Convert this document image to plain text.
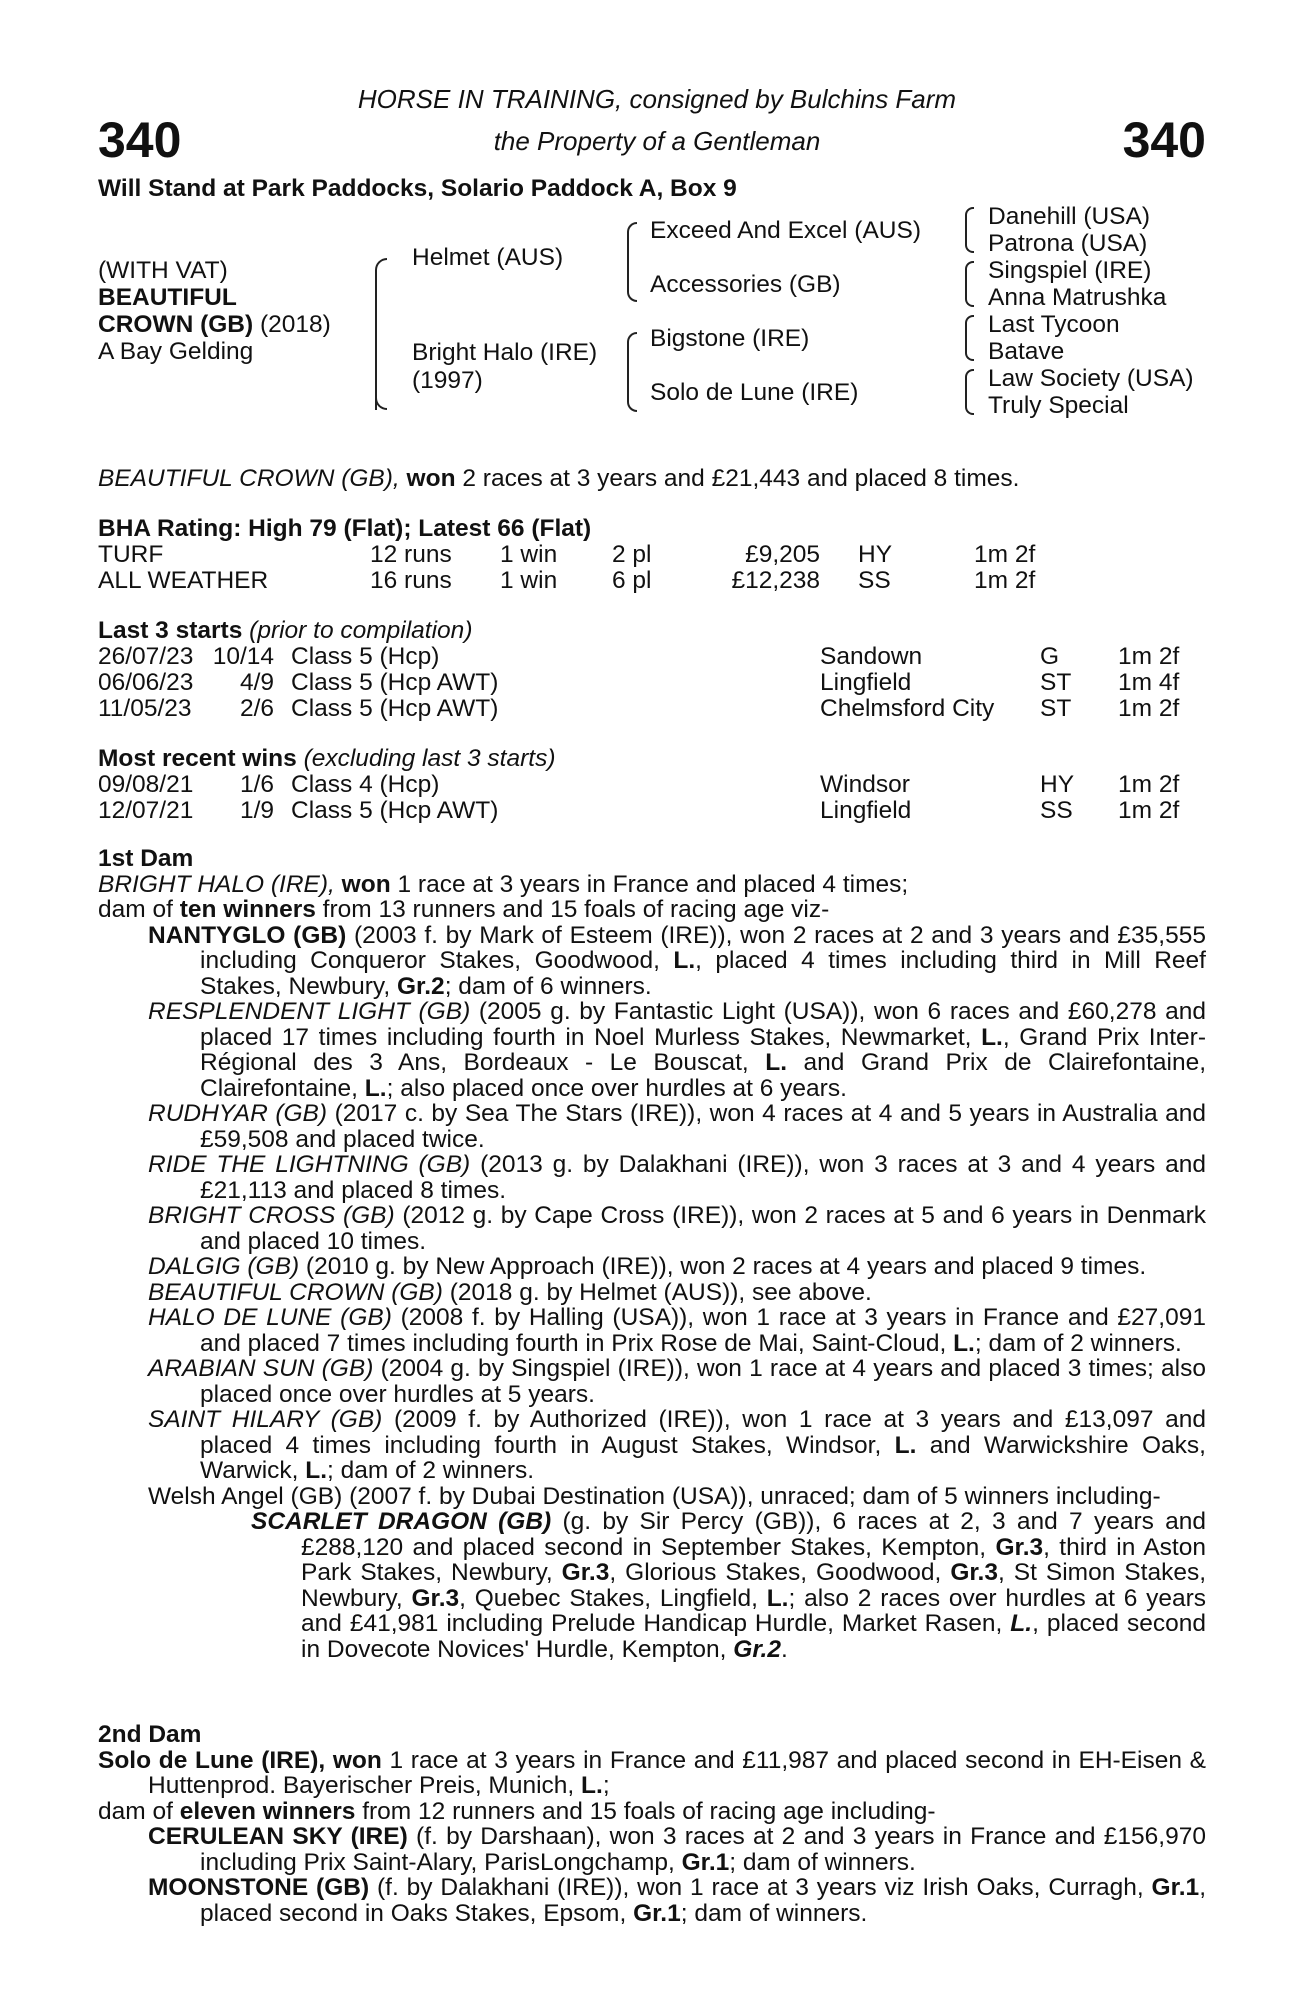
340	340
HORSE IN TRAINING, consigned by Bulchins Farm
the Property of a Gentleman
Will Stand at Park Paddocks, Solario Paddock A, Box 9
(WITH VAT)
BEAUTIFUL
CROWN (GB) (2018)
A Bay Gelding
Helmet (AUS)
Bright Halo (IRE)
(1997)
Exceed And Excel (AUS)
Accessories (GB)
Bigstone (IRE)
Solo de Lune (IRE)
Danehill (USA)
Patrona (USA)
Singspiel (IRE)
Anna Matrushka
Last Tycoon
Batave
Law Society (USA)
Truly Special
BEAUTIFUL CROWN (GB), won 2 races at 3 years and £21,443 and placed 8 times.
BHA Rating: High 79 (Flat); Latest 66 (Flat)
TURF	12 runs 1 win 2 pl	£9,205 HY	1m 2f
ALL WEATHER	16 runs 1 win 6 pl	£12,238 SS	1m 2f
Last 3 starts (prior to compilation)
26/07/23 10/14 Class 5 (Hcp)	Sandown	G 1m 2f
06/06/23	4/9 Class 5 (Hcp AWT)	Lingfield	ST 1m 4f
11/05/23	2/6 Class 5 (Hcp AWT)	Chelmsford City ST 1m 2f
Most recent wins (excluding last 3 starts)
09/08/21	1/6 Class 4 (Hcp)	Windsor	HY 1m 2f
12/07/21	1/9 Class 5 (Hcp AWT)	Lingfield	SS 1m 2f

1st Dam

BRIGHT HALO (IRE), won 1 race at 3 years in France and placed 4 times;

dam of ten winners from 13 runners and 15 foals of racing age viz-

NANTYGLO (GB) (2003 f. by Mark of Esteem (IRE)), won 2 races at 2 and 3 years and £35,555 including Conqueror Stakes, Goodwood, L., placed 4 times including third in Mill Reef Stakes, Newbury, Gr.2; dam of 6 winners.

RESPLENDENT LIGHT (GB) (2005 g. by Fantastic Light (USA)), won 6 races and £60,278 and placed 17 times including fourth in Noel Murless Stakes, Newmarket, L., Grand Prix Inter-Régional des 3 Ans, Bordeaux - Le Bouscat, L. and Grand Prix de Clairefontaine, Clairefontaine, L.; also placed once over hurdles at 6 years.

RUDHYAR (GB) (2017 c. by Sea The Stars (IRE)), won 4 races at 4 and 5 years in Australia and £59,508 and placed twice.

RIDE THE LIGHTNING (GB) (2013 g. by Dalakhani (IRE)), won 3 races at 3 and 4 years and £21,113 and placed 8 times.

BRIGHT CROSS (GB) (2012 g. by Cape Cross (IRE)), won 2 races at 5 and 6 years in Denmark and placed 10 times.

DALGIG (GB) (2010 g. by New Approach (IRE)), won 2 races at 4 years and placed 9 times.

BEAUTIFUL CROWN (GB) (2018 g. by Helmet (AUS)), see above.

HALO DE LUNE (GB) (2008 f. by Halling (USA)), won 1 race at 3 years in France and £27,091 and placed 7 times including fourth in Prix Rose de Mai, Saint-Cloud, L.; dam of 2 winners.

ARABIAN SUN (GB) (2004 g. by Singspiel (IRE)), won 1 race at 4 years and placed 3 times; also placed once over hurdles at 5 years.

SAINT HILARY (GB) (2009 f. by Authorized (IRE)), won 1 race at 3 years and £13,097 and placed 4 times including fourth in August Stakes, Windsor, L. and Warwickshire Oaks, Warwick, L.; dam of 2 winners.

Welsh Angel (GB) (2007 f. by Dubai Destination (USA)), unraced; dam of 5 winners including-

SCARLET DRAGON (GB) (g. by Sir Percy (GB)), 6 races at 2, 3 and 7 years and £288,120 and placed second in September Stakes, Kempton, Gr.3, third in Aston Park Stakes, Newbury, Gr.3, Glorious Stakes, Goodwood, Gr.3, St Simon Stakes, Newbury, Gr.3, Quebec Stakes, Lingfield, L.; also 2 races over hurdles at 6 years and £41,981 including Prelude Handicap Hurdle, Market Rasen, L., placed second in Dovecote Novices' Hurdle, Kempton, Gr.2.

2nd Dam

Solo de Lune (IRE), won 1 race at 3 years in France and £11,987 and placed second in EH-Eisen & Huttenprod. Bayerischer Preis, Munich, L.;

dam of eleven winners from 12 runners and 15 foals of racing age including-

CERULEAN SKY (IRE) (f. by Darshaan), won 3 races at 2 and 3 years in France and £156,970 including Prix Saint-Alary, ParisLongchamp, Gr.1; dam of winners.

MOONSTONE (GB) (f. by Dalakhani (IRE)), won 1 race at 3 years viz Irish Oaks, Curragh, Gr.1, placed second in Oaks Stakes, Epsom, Gr.1; dam of winners.
